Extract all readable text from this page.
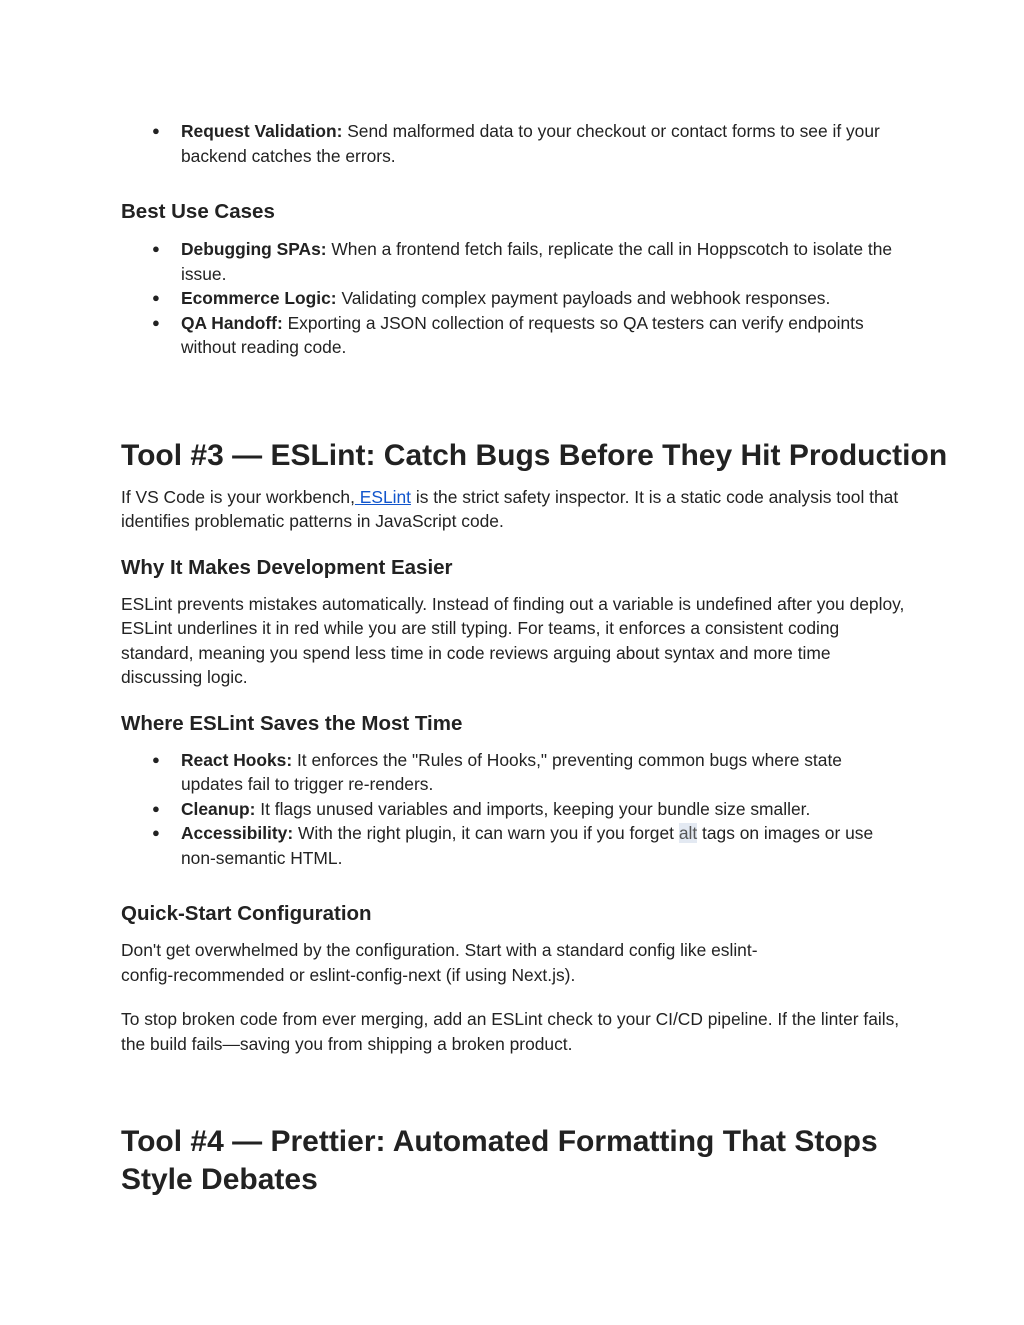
● Request Validation: Send malformed data to your checkout or contact forms to see if your backend catches the errors.
Best Use Cases
● Debugging SPAs: When a frontend fetch fails, replicate the call in Hoppscotch to isolate the issue.
● Ecommerce Logic: Validating complex payment payloads and webhook responses.
● QA Handoff: Exporting a JSON collection of requests so QA testers can verify endpoints without reading code.
Tool #3 — ESLint: Catch Bugs Before They Hit Production
If VS Code is your workbench, ESLint is the strict safety inspector. It is a static code analysis tool that identifies problematic patterns in JavaScript code.
Why It Makes Development Easier
ESLint prevents mistakes automatically. Instead of finding out a variable is undefined after you deploy, ESLint underlines it in red while you are still typing. For teams, it enforces a consistent coding standard, meaning you spend less time in code reviews arguing about syntax and more time discussing logic.
Where ESLint Saves the Most Time
● React Hooks: It enforces the "Rules of Hooks," preventing common bugs where state updates fail to trigger re-renders.
● Cleanup: It flags unused variables and imports, keeping your bundle size smaller.
● Accessibility: With the right plugin, it can warn you if you forget alt tags on images or use non-semantic HTML.
Quick-Start Configuration
Don't get overwhelmed by the configuration. Start with a standard config like eslint-config-recommended or eslint-config-next (if using Next.js).
To stop broken code from ever merging, add an ESLint check to your CI/CD pipeline. If the linter fails, the build fails—saving you from shipping a broken product.
Tool #4 — Prettier: Automated Formatting That Stops Style Debates
